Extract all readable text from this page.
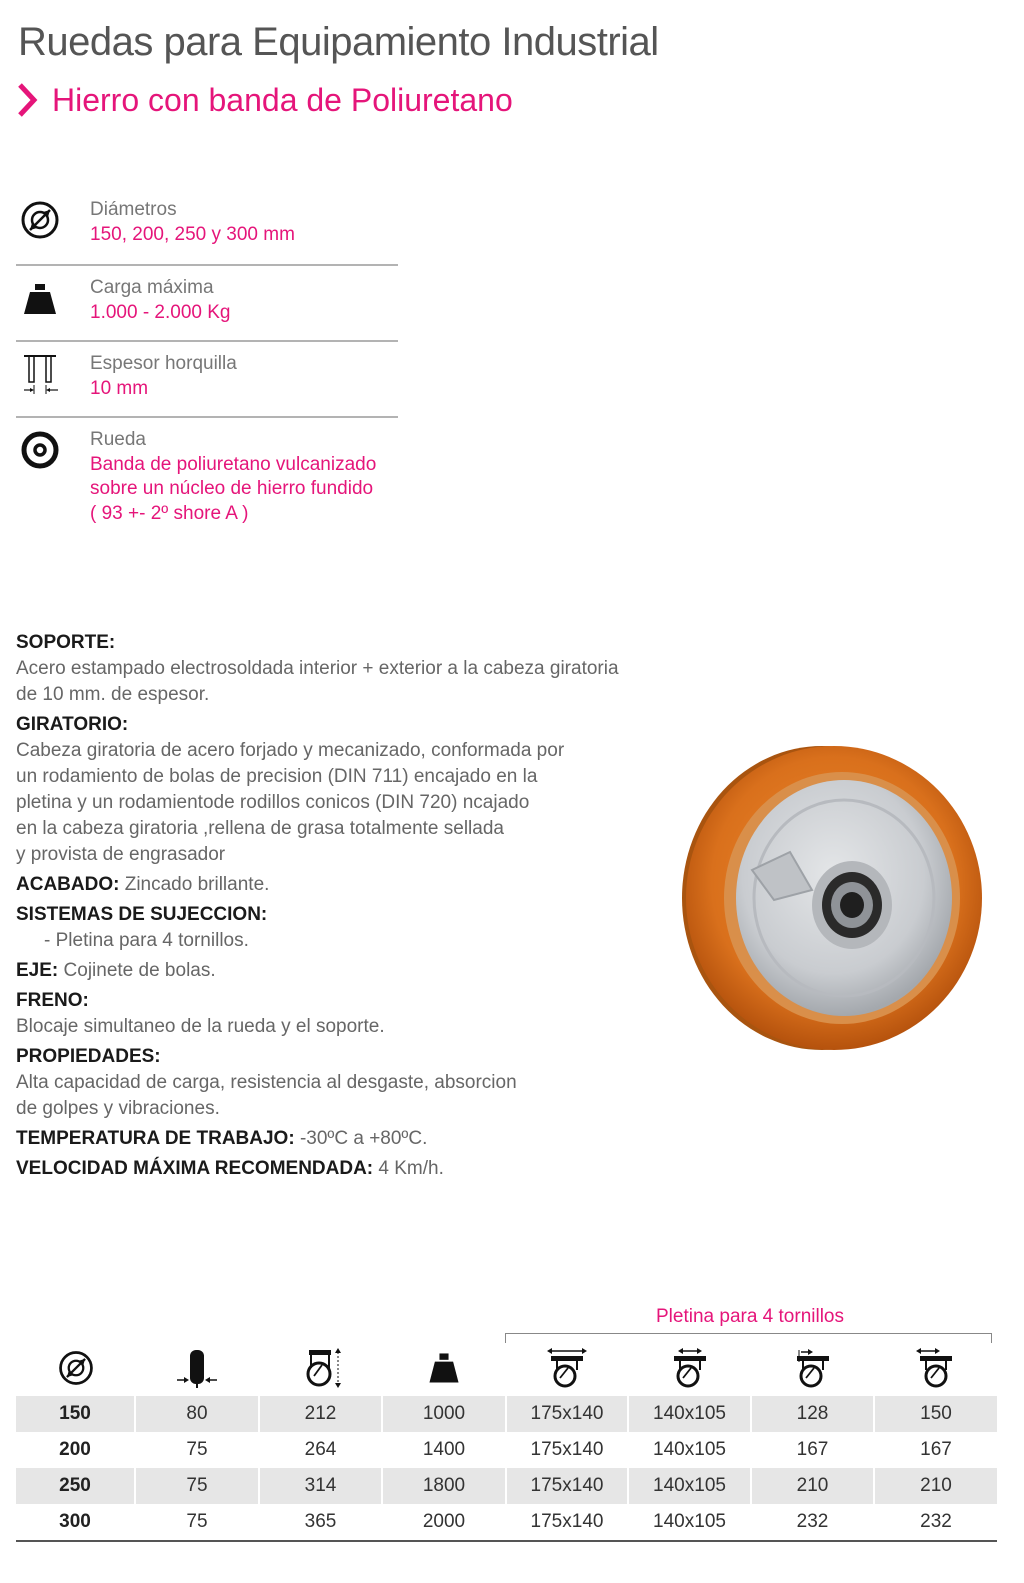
Ruedas para Equipamiento Industrial
Hierro con banda de Poliuretano
Diámetros
150, 200, 250 y 300 mm
Carga máxima
1.000 - 2.000 Kg
Espesor horquilla
10 mm
Rueda
Banda de poliuretano vulcanizado
sobre un núcleo de hierro fundido
( 93 +- 2º shore A )

SOPORTE:

Acero estampado electrosoldada interior + exterior a la cabeza giratoria

de 10 mm. de espesor.

GIRATORIO:

Cabeza giratoria de acero forjado y mecanizado, conformada por

un rodamiento de bolas de precision (DIN 711) encajado en la

pletina y un rodamientode rodillos conicos (DIN 720) ncajado

en la cabeza giratoria ,rellena de grasa totalmente sellada

y provista de engrasador

ACABADO: Zincado brillante.

SISTEMAS DE SUJECCION:

- Pletina para 4 tornillos.

EJE: Cojinete de bolas.

FRENO:

Blocaje simultaneo de la rueda y el soporte.

PROPIEDADES:

Alta capacidad de carga, resistencia al desgaste, absorcion

de golpes y vibraciones.

TEMPERATURA DE TRABAJO: -30ºC a +80ºC.

VELOCIDAD MÁXIMA RECOMENDADA: 4 Km/h.

Pletina para 4 tornillos

150	80	212	1000	175x140	140x105	128	150
200	75	264	1400	175x140	140x105	167	167
250	75	314	1800	175x140	140x105	210	210
300	75	365	2000	175x140	140x105	232	232
